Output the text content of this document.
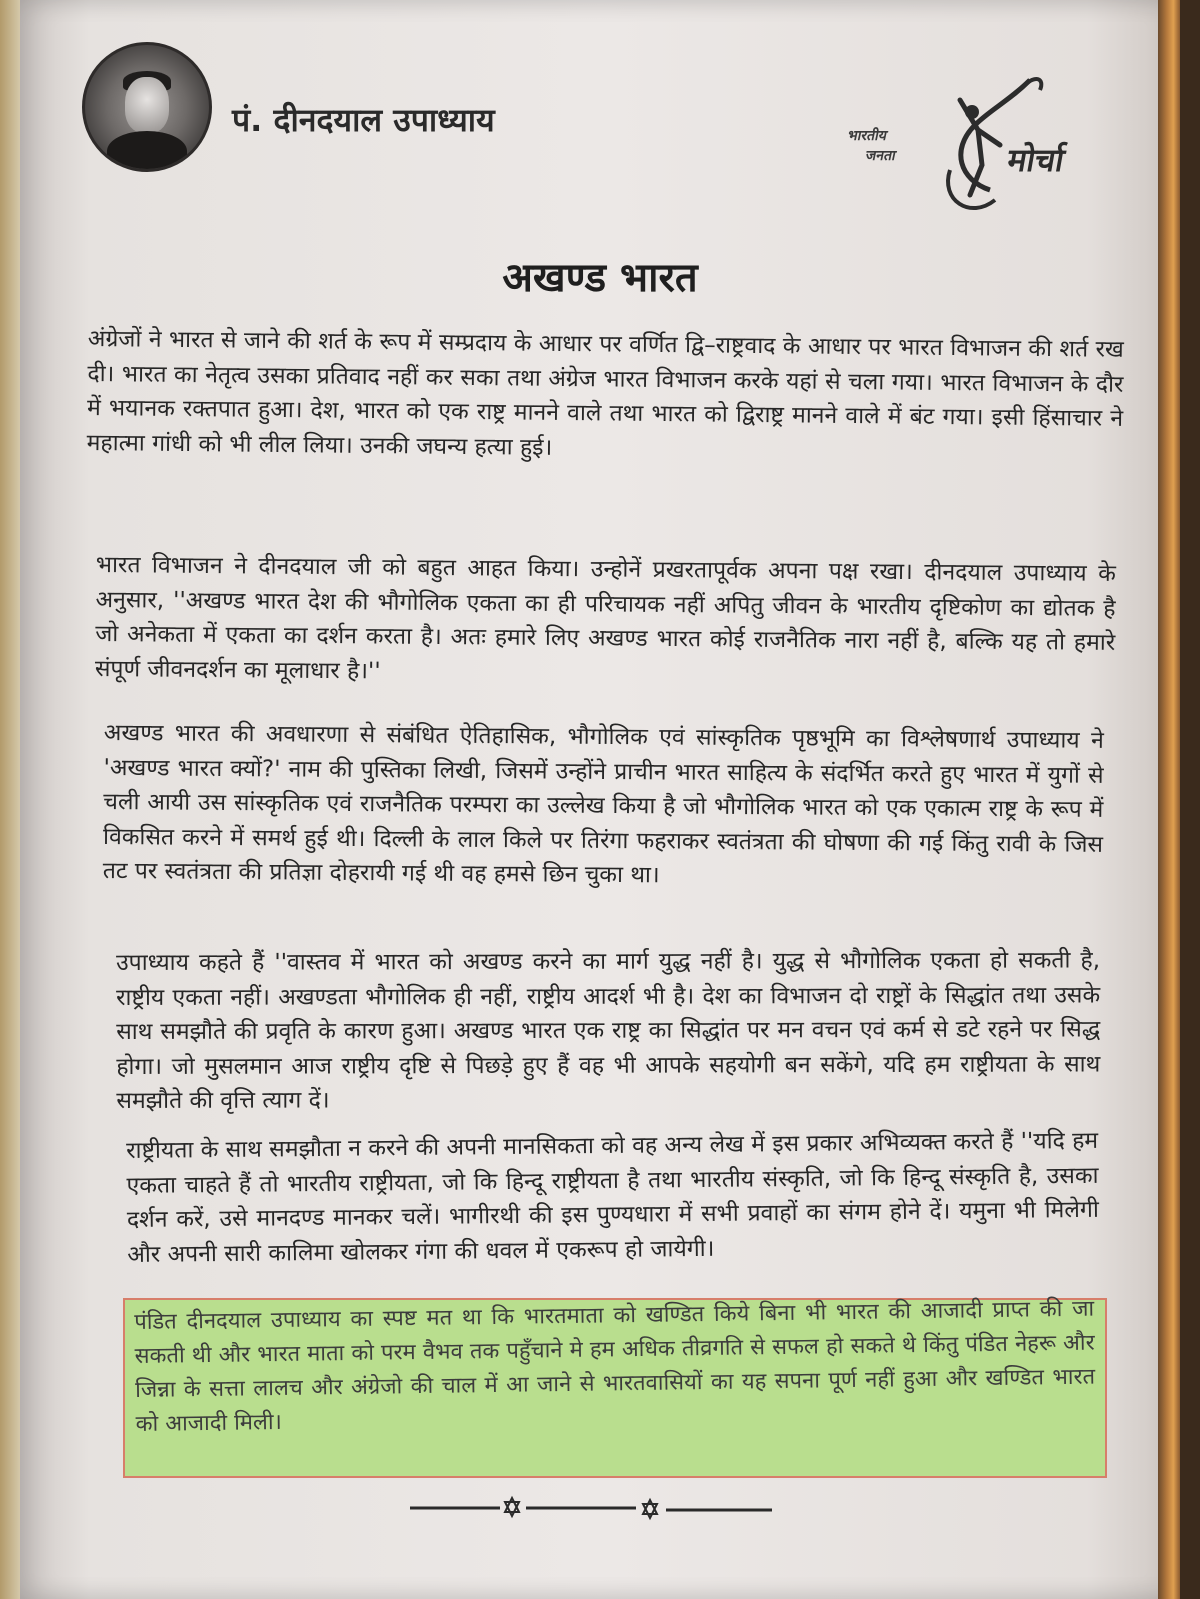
पं. दीनदयाल उपाध्याय	भारतीय
जनता	मोर्चा
अखण्ड भारत

अंग्रेजों ने भारत से जाने की शर्त के रूप में सम्प्रदाय के आधार पर वर्णित द्वि–राष्ट्रवाद के आधार पर भारत विभाजन की शर्त रख दी। भारत का नेतृत्व उसका प्रतिवाद नहीं कर सका तथा अंग्रेज भारत विभाजन करके यहां से चला गया। भारत विभाजन के दौर में भयानक रक्तपात हुआ। देश, भारत को एक राष्ट्र मानने वाले तथा भारत को द्विराष्ट्र मानने वाले में बंट गया। इसी हिंसाचार ने महात्मा गांधी को भी लील लिया। उनकी जघन्य हत्या हुई।

भारत विभाजन ने दीनदयाल जी को बहुत आहत किया। उन्होनें प्रखरतापूर्वक अपना पक्ष रखा। दीनदयाल उपाध्याय के अनुसार, ''अखण्ड भारत देश की भौगोलिक एकता का ही परिचायक नहीं अपितु जीवन के भारतीय दृष्टिकोण का द्योतक है जो अनेकता में एकता का दर्शन करता है। अतः हमारे लिए अखण्ड भारत कोई राजनैतिक नारा नहीं है, बल्कि यह तो हमारे संपूर्ण जीवनदर्शन का मूलाधार है।''

अखण्ड भारत की अवधारणा से संबंधित ऐतिहासिक, भौगोलिक एवं सांस्कृतिक पृष्ठभूमि का विश्लेषणार्थ उपाध्याय ने 'अखण्ड भारत क्यों?' नाम की पुस्तिका लिखी, जिसमें उन्होंने प्राचीन भारत साहित्य के संदर्भित करते हुए भारत में युगों से चली आयी उस सांस्कृतिक एवं राजनैतिक परम्परा का उल्लेख किया है जो भौगोलिक भारत को एक एकात्म राष्ट्र के रूप में विकसित करने में समर्थ हुई थी। दिल्ली के लाल किले पर तिरंगा फहराकर स्वतंत्रता की घोषणा की गई किंतु रावी के जिस तट पर स्वतंत्रता की प्रतिज्ञा दोहरायी गई थी वह हमसे छिन चुका था।

उपाध्याय कहते हैं ''वास्तव में भारत को अखण्ड करने का मार्ग युद्ध नहीं है। युद्ध से भौगोलिक एकता हो सकती है, राष्ट्रीय एकता नहीं। अखण्डता भौगोलिक ही नहीं, राष्ट्रीय आदर्श भी है। देश का विभाजन दो राष्ट्रों के सिद्धांत तथा उसके साथ समझौते की प्रवृति के कारण हुआ। अखण्ड भारत एक राष्ट्र का सिद्धांत पर मन वचन एवं कर्म से डटे रहने पर सिद्ध होगा। जो मुसलमान आज राष्ट्रीय दृष्टि से पिछड़े हुए हैं वह भी आपके सहयोगी बन सकेंगे, यदि हम राष्ट्रीयता के साथ समझौते की वृत्ति त्याग दें।

राष्ट्रीयता के साथ समझौता न करने की अपनी मानसिकता को वह अन्य लेख में इस प्रकार अभिव्यक्त करते हैं ''यदि हम एकता चाहते हैं तो भारतीय राष्ट्रीयता, जो कि हिन्दू राष्ट्रीयता है तथा भारतीय संस्कृति, जो कि हिन्दू संस्कृति है, उसका दर्शन करें, उसे मानदण्ड मानकर चलें। भागीरथी की इस पुण्यधारा में सभी प्रवाहों का संगम होने दें। यमुना भी मिलेगी और अपनी सारी कालिमा खोलकर गंगा की धवल में एकरूप हो जायेगी।

पंडित दीनदयाल उपाध्याय का स्पष्ट मत था कि भारतमाता को खण्डित किये बिना भी भारत की आजादी प्राप्त की जा सकती थी और भारत माता को परम वैभव तक पहुँचाने मे हम अधिक तीव्रगति से सफल हो सकते थे किंतु पंडित नेहरू और जिन्ना के सत्ता लालच और अंग्रेजो की चाल में आ जाने से भारतवासियों का यह सपना पूर्ण नहीं हुआ और खण्डित भारत को आजादी मिली।
